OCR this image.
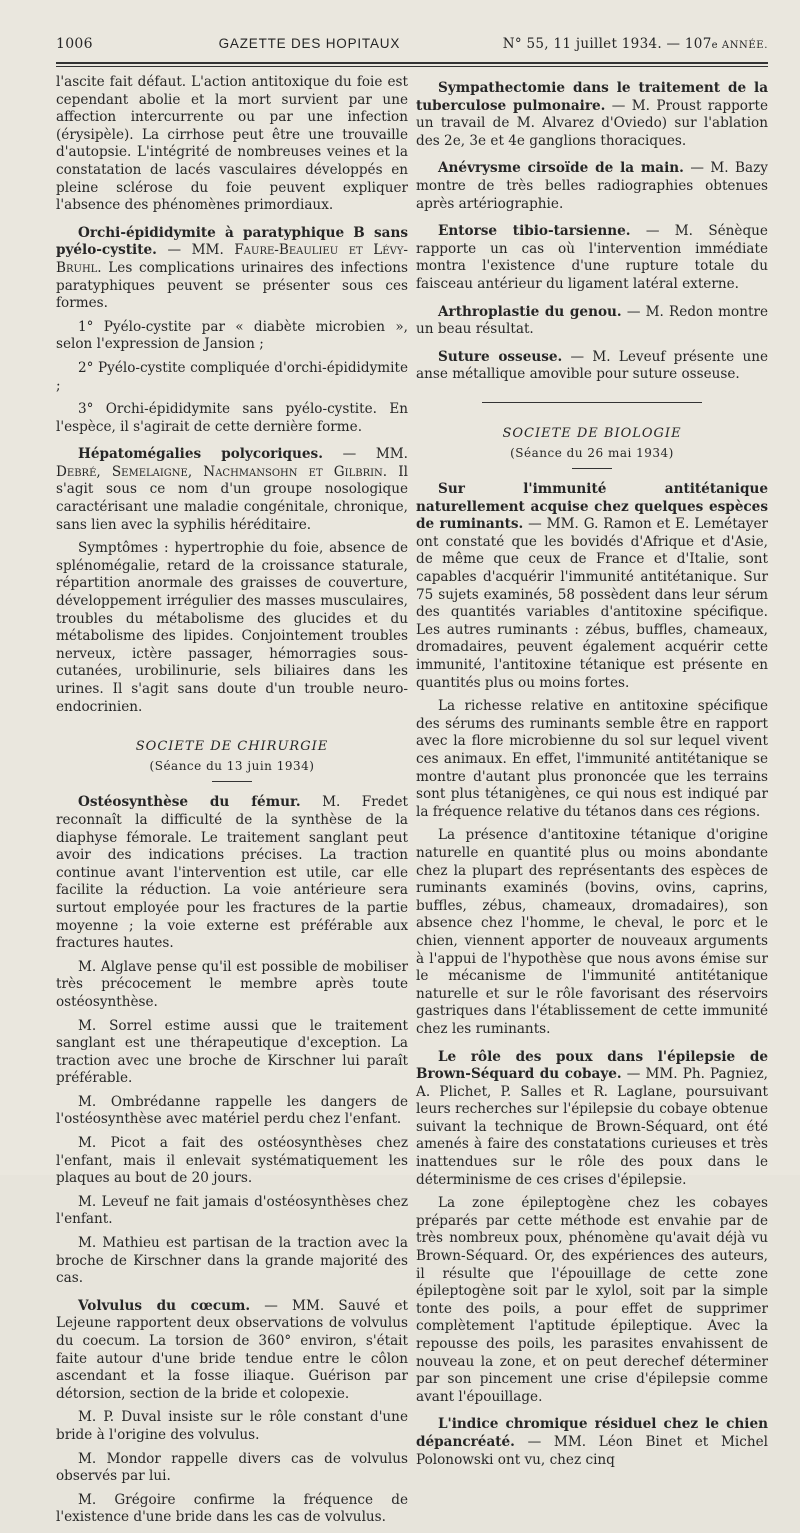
1006	GAZETTE DES HOPITAUX	N° 55, 11 juillet 1934. — 107e ANNÉE.

l'ascite fait défaut. L'action antitoxique du foie est cependant abolie et la mort survient par une affection intercurrente ou par une infection (érysipèle). La cirrhose peut être une trouvaille d'autopsie. L'intégrité de nombreuses veines et la constatation de lacés vasculaires développés en pleine sclérose du foie peuvent expliquer l'absence des phénomènes primordiaux.

Orchi-épididymite à paratyphique B sans pyélo-cystite. — MM. Faure-Beaulieu et Lévy-Bruhl. Les complications urinaires des infections paratyphiques peuvent se présenter sous ces formes.

1° Pyélo-cystite par « diabète microbien », selon l'expression de Jansion ;

2° Pyélo-cystite compliquée d'orchi-épididymite ;

3° Orchi-épididymite sans pyélo-cystite. En l'espèce, il s'agirait de cette dernière forme.

Hépatomégalies polycoriques. — MM. Debré, Semelaigne, Nachmansohn et Gilbrin. Il s'agit sous ce nom d'un groupe nosologique caractérisant une maladie congénitale, chronique, sans lien avec la syphilis héréditaire.

Symptômes : hypertrophie du foie, absence de splénomégalie, retard de la croissance staturale, répartition anormale des graisses de couverture, développement irrégulier des masses musculaires, troubles du métabolisme des glucides et du métabolisme des lipides. Conjointement troubles nerveux, ictère passager, hémorragies sous-cutanées, urobilinurie, sels biliaires dans les urines. Il s'agit sans doute d'un trouble neuro-endocrinien.

SOCIETE DE CHIRURGIE

(Séance du 13 juin 1934)

Ostéosynthèse du fémur. M. Fredet reconnaît la difficulté de la synthèse de la diaphyse fémorale. Le traitement sanglant peut avoir des indications précises. La traction continue avant l'intervention est utile, car elle facilite la réduction. La voie antérieure sera surtout employée pour les fractures de la partie moyenne ; la voie externe est préférable aux fractures hautes.

M. Alglave pense qu'il est possible de mobiliser très précocement le membre après toute ostéosynthèse.

M. Sorrel estime aussi que le traitement sanglant est une thérapeutique d'exception. La traction avec une broche de Kirschner lui paraît préférable.

M. Ombrédanne rappelle les dangers de l'ostéosynthèse avec matériel perdu chez l'enfant.

M. Picot a fait des ostéosynthèses chez l'enfant, mais il enlevait systématiquement les plaques au bout de 20 jours.

M. Leveuf ne fait jamais d'ostéosynthèses chez l'enfant.

M. Mathieu est partisan de la traction avec la broche de Kirschner dans la grande majorité des cas.

Volvulus du cœcum. — MM. Sauvé et Lejeune rapportent deux observations de volvulus du coecum. La torsion de 360° environ, s'était faite autour d'une bride tendue entre le côlon ascendant et la fosse iliaque. Guérison par détorsion, section de la bride et colopexie.

M. P. Duval insiste sur le rôle constant d'une bride à l'origine des volvulus.

M. Mondor rappelle divers cas de volvulus observés par lui.

M. Grégoire confirme la fréquence de l'existence d'une bride dans les cas de volvulus.

Sympathectomie dans le traitement de la tuberculose pulmonaire. — M. Proust rapporte un travail de M. Alvarez d'Oviedo) sur l'ablation des 2e, 3e et 4e ganglions thoraciques.

Anévrysme cirsoïde de la main. — M. Bazy montre de très belles radiographies obtenues après artériographie.

Entorse tibio-tarsienne. — M. Sénèque rapporte un cas où l'intervention immédiate montra l'existence d'une rupture totale du faisceau antérieur du ligament latéral externe.

Arthroplastie du genou. — M. Redon montre un beau résultat.

Suture osseuse. — M. Leveuf présente une anse métallique amovible pour suture osseuse.

SOCIETE DE BIOLOGIE

(Séance du 26 mai 1934)

Sur l'immunité antitétanique naturellement acquise chez quelques espèces de ruminants. — MM. G. Ramon et E. Lemétayer ont constaté que les bovidés d'Afrique et d'Asie, de même que ceux de France et d'Italie, sont capables d'acquérir l'immunité antitétanique. Sur 75 sujets examinés, 58 possèdent dans leur sérum des quantités variables d'antitoxine spécifique. Les autres ruminants : zébus, buffles, chameaux, dromadaires, peuvent également acquérir cette immunité, l'antitoxine tétanique est présente en quantités plus ou moins fortes.

La richesse relative en antitoxine spécifique des sérums des ruminants semble être en rapport avec la flore microbienne du sol sur lequel vivent ces animaux. En effet, l'immunité antitétanique se montre d'autant plus prononcée que les terrains sont plus tétanigènes, ce qui nous est indiqué par la fréquence relative du tétanos dans ces régions.

La présence d'antitoxine tétanique d'origine naturelle en quantité plus ou moins abondante chez la plupart des représentants des espèces de ruminants examinés (bovins, ovins, caprins, buffles, zébus, chameaux, dromadaires), son absence chez l'homme, le cheval, le porc et le chien, viennent apporter de nouveaux arguments à l'appui de l'hypothèse que nous avons émise sur le mécanisme de l'immunité antitétanique naturelle et sur le rôle favorisant des réservoirs gastriques dans l'établissement de cette immunité chez les ruminants.

Le rôle des poux dans l'épilepsie de Brown-Séquard du cobaye. — MM. Ph. Pagniez, A. Plichet, P. Salles et R. Laglane, poursuivant leurs recherches sur l'épilepsie du cobaye obtenue suivant la technique de Brown-Séquard, ont été amenés à faire des constatations curieuses et très inattendues sur le rôle des poux dans le déterminisme de ces crises d'épilepsie.

La zone épileptogène chez les cobayes préparés par cette méthode est envahie par de très nombreux poux, phénomène qu'avait déjà vu Brown-Séquard. Or, des expériences des auteurs, il résulte que l'épouillage de cette zone épileptogène soit par le xylol, soit par la simple tonte des poils, a pour effet de supprimer complètement l'aptitude épileptique. Avec la repousse des poils, les parasites envahissent de nouveau la zone, et on peut derechef déterminer par son pincement une crise d'épilepsie comme avant l'épouillage.

L'indice chromique résiduel chez le chien dépancréaté. — MM. Léon Binet et Michel Polonowski ont vu, chez cinq
